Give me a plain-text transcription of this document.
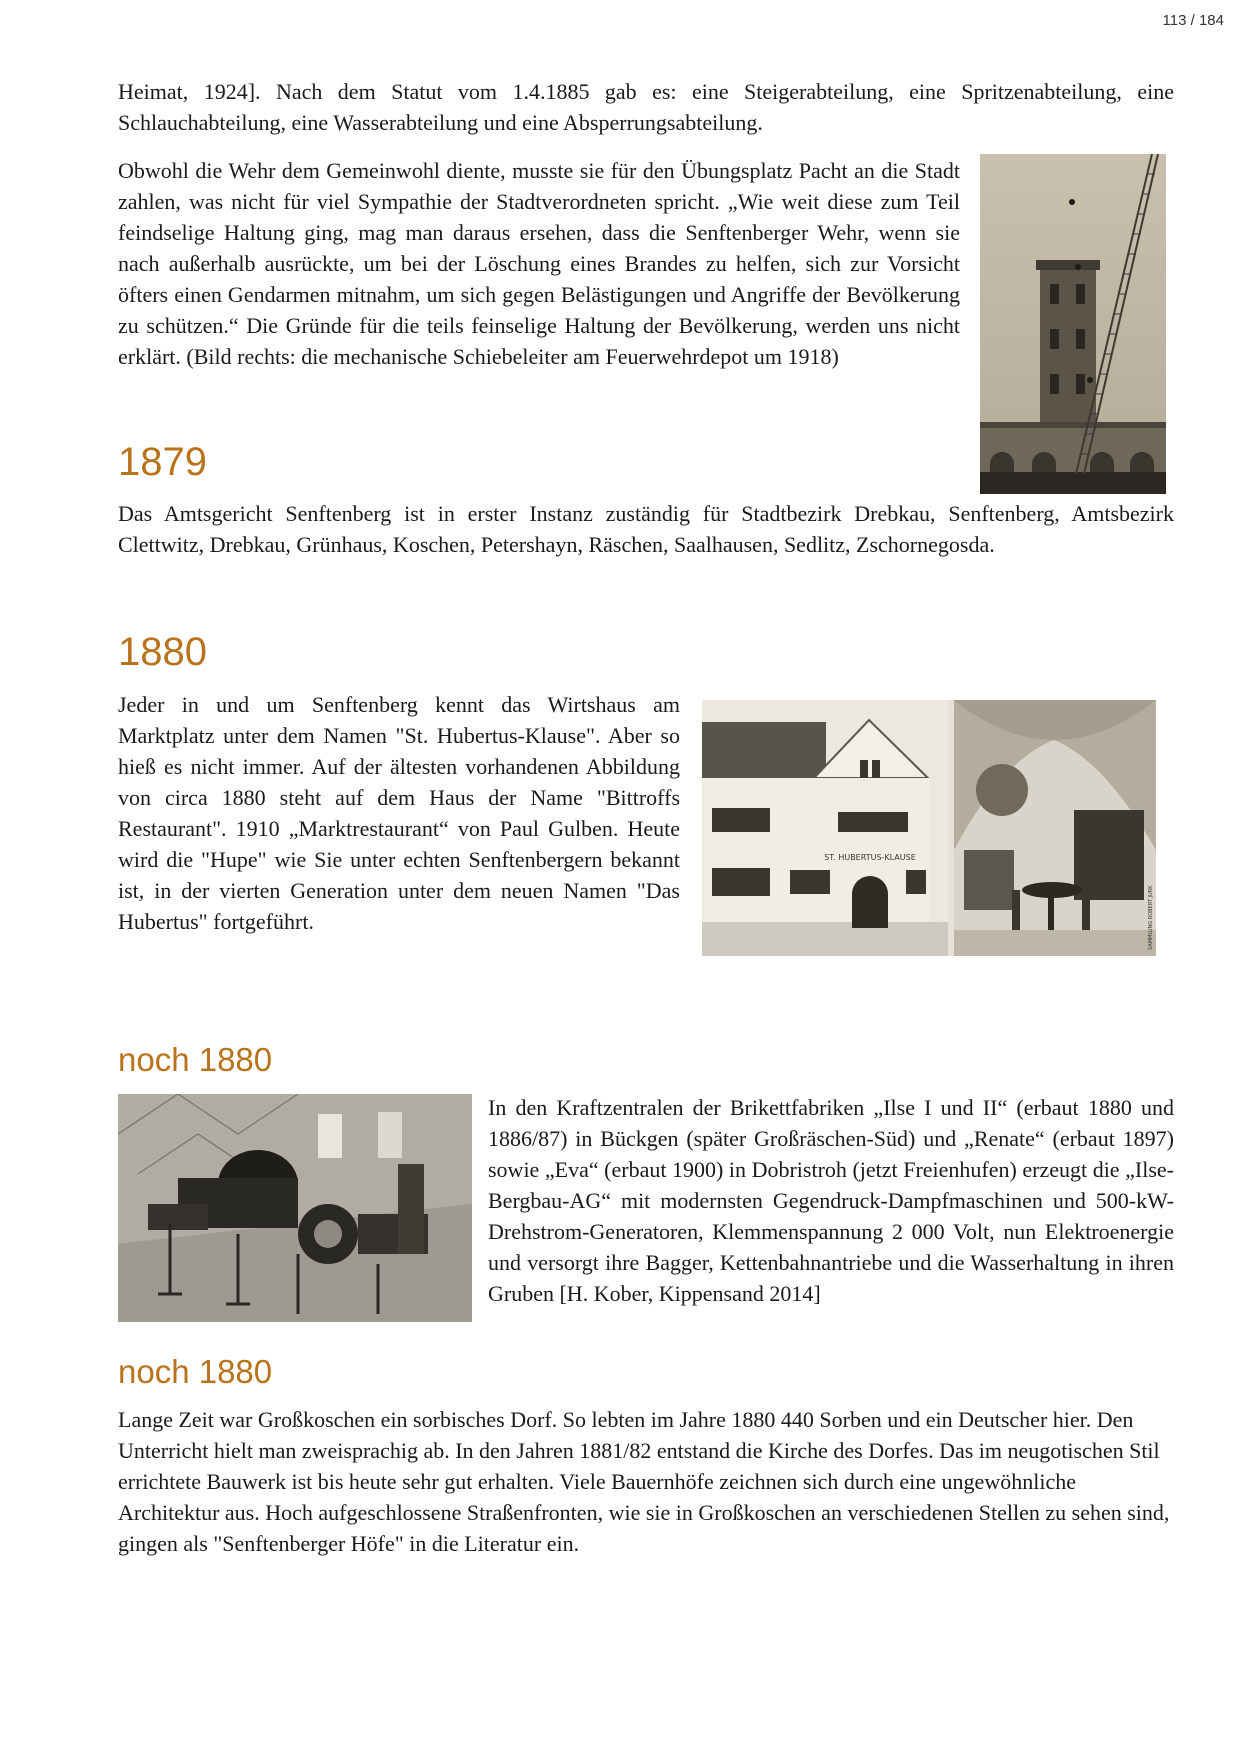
113 / 184

Heimat, 1924]. Nach dem Statut vom 1.4.1885 gab es: eine Steigerabteilung, eine Spritzenabteilung, eine Schlauchabteilung, eine Wasserabteilung und eine Absperrungsabteilung.

Obwohl die Wehr dem Gemeinwohl diente, musste sie für den Übungsplatz Pacht an die Stadt zahlen, was nicht für viel Sympathie der Stadtverordneten spricht. „Wie weit diese zum Teil feindselige Haltung ging, mag man daraus ersehen, dass die Senftenberger Wehr, wenn sie nach außerhalb ausrückte, um bei der Löschung eines Brandes zu helfen, sich zur Vorsicht öfters einen Gendarmen mitnahm, um sich gegen Belästigungen und Angriffe der Bevölkerung zu schützen.“ Die Gründe für die teils feinselige Haltung der Bevölkerung, werden uns nicht erklärt. (Bild rechts: die mechanische Schiebeleiter am Feuerwehrdepot um 1918)

1879

Das Amtsgericht Senftenberg ist in erster Instanz zuständig für Stadtbezirk Drebkau, Senftenberg, Amtsbezirk Clettwitz, Drebkau, Grünhaus, Koschen, Petershayn, Räschen, Saalhausen, Sedlitz, Zschornegosda.

1880

Jeder in und um Senftenberg kennt das Wirtshaus am Marktplatz unter dem Namen "St. Hubertus-Klause". Aber so hieß es nicht immer. Auf der ältesten vorhandenen Abbildung von circa 1880 steht auf dem Haus der Name "Bittroffs Restaurant". 1910 „Marktrestaurant“ von Paul Gulben. Heute wird die "Hupe" wie Sie unter echten Senftenbergern bekannt ist, in der vierten Generation unter dem neuen Namen "Das Hubertus" fortgeführt.

ST. HUBERTUS-KLAUSE
SAMMLUNG ROBERT JURK
noch 1880

In den Kraftzentralen der Brikettfabriken „Ilse I und II“ (erbaut 1880 und 1886/87) in Bückgen (später Großräschen-Süd) und „Renate“ (erbaut 1897) sowie „Eva“ (erbaut 1900) in Dobristroh (jetzt Freienhufen) erzeugt die „Ilse-Bergbau-AG“ mit modernsten Gegendruck-Dampfmaschinen und 500-kW-Drehstrom-Generatoren, Klemmenspannung 2 000 Volt, nun Elektroenergie und versorgt ihre Bagger, Kettenbahnantriebe und die Wasserhaltung in ihren Gruben [H. Kober, Kippensand 2014]

noch 1880

Lange Zeit war Großkoschen ein sorbisches Dorf. So lebten im Jahre 1880 440 Sorben und ein Deutscher hier. Den Unterricht hielt man zweisprachig ab. In den Jahren 1881/82 entstand die Kirche des Dorfes. Das im neugotischen Stil errichtete Bauwerk ist bis heute sehr gut erhalten. Viele Bauernhöfe zeichnen sich durch eine ungewöhnliche Architektur aus. Hoch aufgeschlossene Straßenfronten, wie sie in Großkoschen an verschiedenen Stellen zu sehen sind, gingen als "Senftenberger Höfe" in die Literatur ein.
